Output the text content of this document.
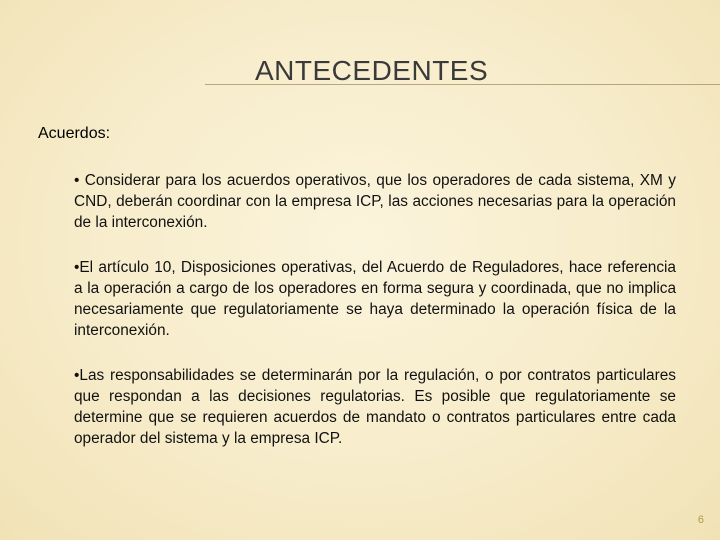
ANTECEDENTES

Acuerdos:

• Considerar para los acuerdos operativos, que los operadores de cada sistema, XM y CND, deberán coordinar con la empresa ICP, las acciones necesarias para la operación de la interconexión.

•El artículo 10, Disposiciones operativas, del Acuerdo de Reguladores, hace referencia a la operación a cargo de los operadores en forma segura y coordinada, que no implica necesariamente que regulatoriamente se haya determinado la operación física de la interconexión.

•Las responsabilidades se determinarán por la regulación, o por contratos particulares que respondan a las decisiones regulatorias. Es posible que regulatoriamente se determine que se requieren acuerdos de mandato o contratos particulares entre cada operador del sistema y la empresa ICP.

6
